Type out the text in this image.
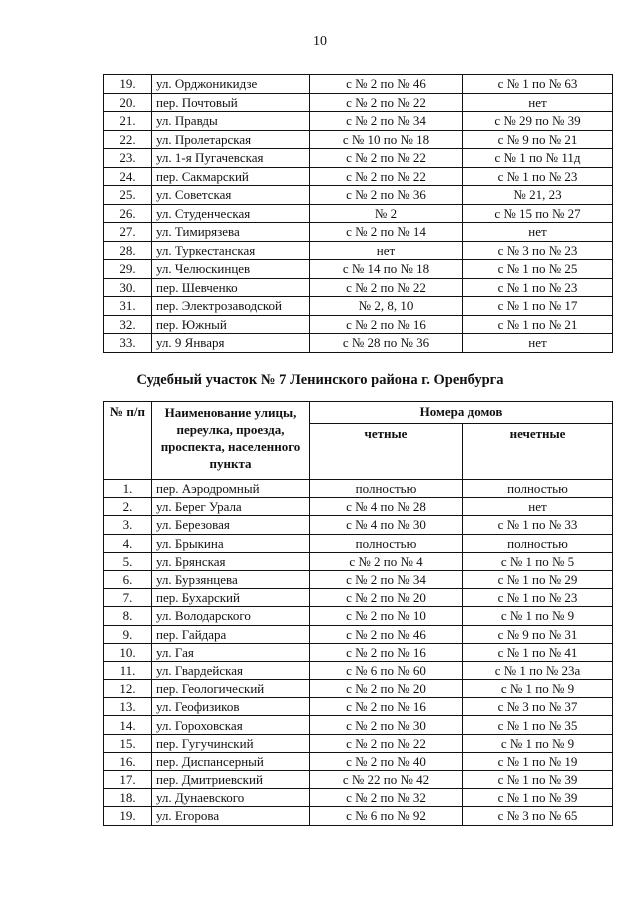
10
19.	ул. Орджоникидзе	с № 2 по № 46	с № 1 по № 63
20.	пер. Почтовый	с № 2 по № 22	нет
21.	ул. Правды	с № 2 по № 34	с № 29 по № 39
22.	ул. Пролетарская	с № 10 по № 18	с № 9 по № 21
23.	ул. 1-я Пугачевская	с № 2 по № 22	с № 1 по № 11д
24.	пер. Сакмарский	с № 2 по № 22	с № 1 по № 23
25.	ул. Советская	с № 2 по № 36	№ 21, 23
26.	ул. Студенческая	№ 2	с № 15 по № 27
27.	ул. Тимирязева	с № 2 по № 14	нет
28.	ул. Туркестанская	нет	с № 3 по № 23
29.	ул. Челюскинцев	с № 14 по № 18	с № 1 по № 25
30.	пер. Шевченко	с № 2 по № 22	с № 1 по № 23
31.	пер. Электрозаводской	№ 2, 8, 10	с № 1 по № 17
32.	пер. Южный	с № 2 по № 16	с № 1 по № 21
33.	ул. 9 Января	с № 28 по № 36	нет
Судебный участок № 7 Ленинского района г. Оренбурга
№ п/п	Наименование улицы, переулка, проезда, проспекта, населенного пункта	Номера домов	
		четные	нечетные
1.	пер. Аэродромный	полностью	полностью
2.	ул. Берег Урала	с № 4 по № 28	нет
3.	ул. Березовая	с № 4 по № 30	с № 1 по № 33
4.	ул. Брыкина	полностью	полностью
5.	ул. Брянская	с № 2 по № 4	с № 1 по № 5
6.	ул. Бурзянцева	с № 2 по № 34	с № 1 по № 29
7.	пер. Бухарский	с № 2 по № 20	с № 1 по № 23
8.	ул. Володарского	с № 2 по № 10	с № 1 по № 9
9.	пер. Гайдара	с № 2 по № 46	с № 9 по № 31
10.	ул. Гая	с № 2 по № 16	с № 1 по № 41
11.	ул. Гвардейская	с № 6 по № 60	с № 1 по № 23а
12.	пер. Геологический	с № 2 по № 20	с № 1 по № 9
13.	ул. Геофизиков	с № 2 по № 16	с № 3 по № 37
14.	ул. Гороховская	с № 2 по № 30	с № 1 по № 35
15.	пер. Гугучинский	с № 2 по № 22	с № 1 по № 9
16.	пер. Диспансерный	с № 2 по № 40	с № 1 по № 19
17.	пер. Дмитриевский	с № 22 по № 42	с № 1 по № 39
18.	ул. Дунаевского	с № 2 по № 32	с № 1 по № 39
19.	ул. Егорова	с № 6 по № 92	с № 3 по № 65
